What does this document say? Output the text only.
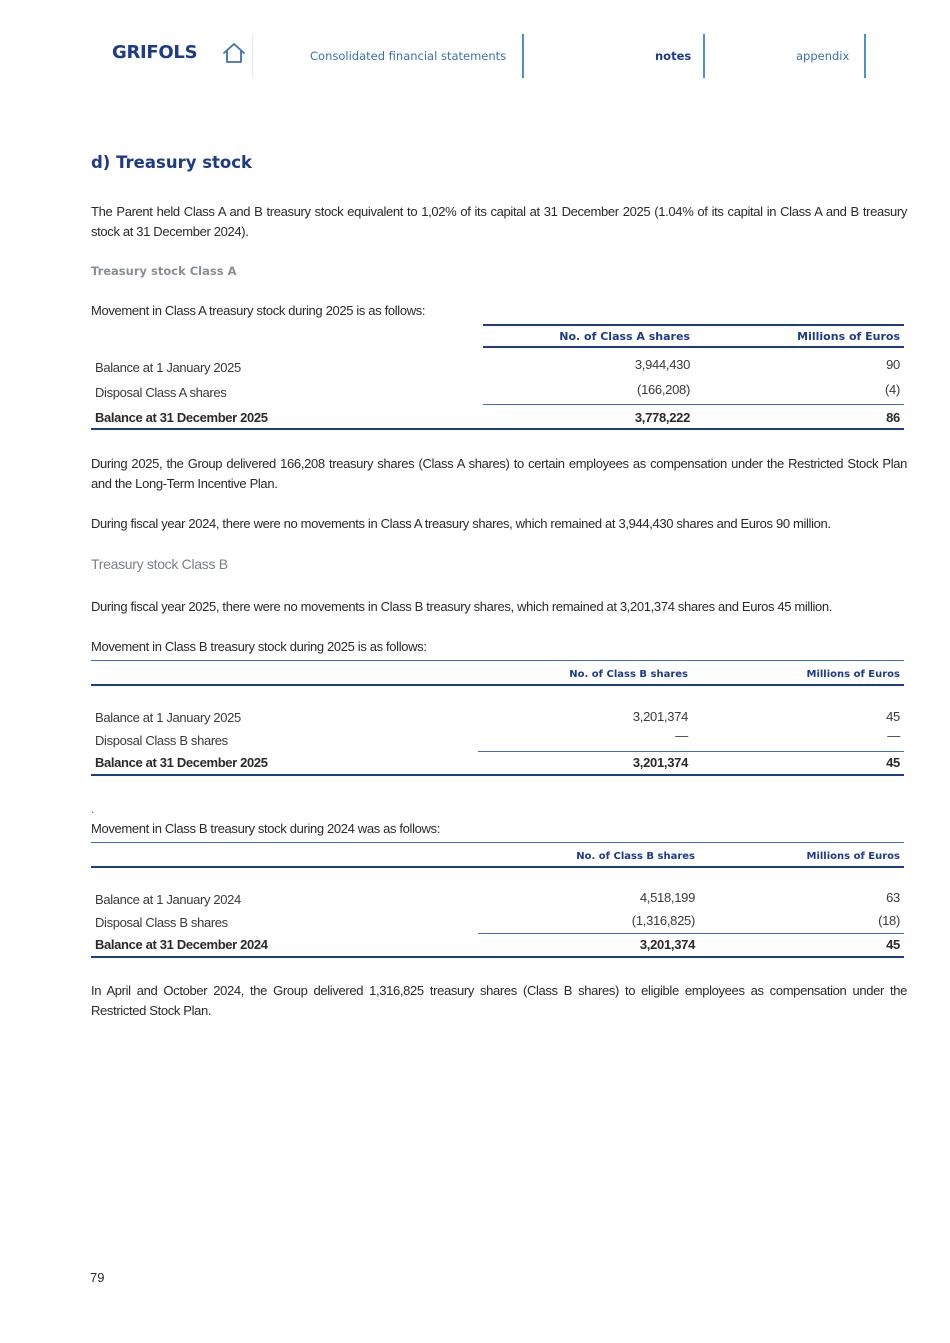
GRIFOLS	Consolidated financial statements	notes	appendix
d) Treasury stock
The Parent held Class A and B treasury stock equivalent to 1,02% of its capital at 31 December 2025 (1.04% of its capital in Class A and B treasury stock at 31 December 2024).
Treasury stock Class A
Movement in Class A treasury stock during 2025 is as follows:
No. of Class A shares	Millions of Euros
Balance at 1 January 2025	3,944,430	90
Disposal Class A shares	(166,208)	(4)
Balance at 31 December 2025	3,778,222	86
During 2025, the Group delivered 166,208 treasury shares (Class A shares) to certain employees as compensation under the Restricted Stock Plan and the Long-Term Incentive Plan.
During fiscal year 2024, there were no movements in Class A treasury shares, which remained at 3,944,430 shares and Euros 90 million.
Treasury stock Class B
During fiscal year 2025, there were no movements in Class B treasury shares, which remained at 3,201,374 shares and Euros 45 million.
Movement in Class B treasury stock during 2025 is as follows:
No. of Class B shares	Millions of Euros
Balance at 1 January 2025	3,201,374	45
Disposal Class B shares	—	—
Balance at 31 December 2025	3,201,374	45
.
Movement in Class B treasury stock during 2024 was as follows:
No. of Class B shares	Millions of Euros
Balance at 1 January 2024	4,518,199	63
Disposal Class B shares	(1,316,825)	(18)
Balance at 31 December 2024	3,201,374	45
In April and October 2024, the Group delivered 1,316,825 treasury shares (Class B shares) to eligible employees as compensation under the Restricted Stock Plan.
79
